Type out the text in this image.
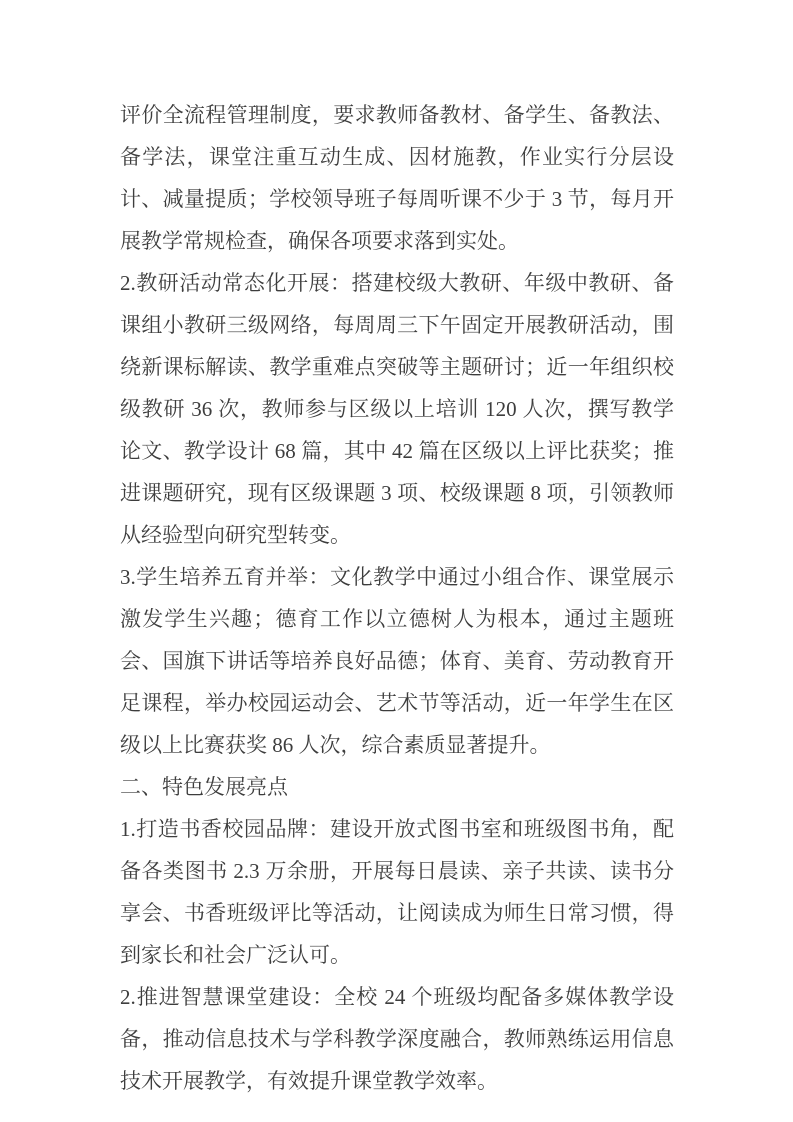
评价全流程管理制度，要求教师备教材、备学生、备教法、备学法，课堂注重互动生成、因材施教，作业实行分层设计、减量提质；学校领导班子每周听课不少于 3 节，每月开展教学常规检查，确保各项要求落到实处。

2.教研活动常态化开展：搭建校级大教研、年级中教研、备课组小教研三级网络，每周周三下午固定开展教研活动，围绕新课标解读、教学重难点突破等主题研讨；近一年组织校级教研 36 次，教师参与区级以上培训 120 人次，撰写教学论文、教学设计 68 篇，其中 42 篇在区级以上评比获奖；推进课题研究，现有区级课题 3 项、校级课题 8 项，引领教师从经验型向研究型转变。

3.学生培养五育并举：文化教学中通过小组合作、课堂展示激发学生兴趣；德育工作以立德树人为根本，通过主题班会、国旗下讲话等培养良好品德；体育、美育、劳动教育开足课程，举办校园运动会、艺术节等活动，近一年学生在区级以上比赛获奖 86 人次，综合素质显著提升。

二、特色发展亮点

1.打造书香校园品牌：建设开放式图书室和班级图书角，配备各类图书 2.3 万余册，开展每日晨读、亲子共读、读书分享会、书香班级评比等活动，让阅读成为师生日常习惯，得到家长和社会广泛认可。

2.推进智慧课堂建设：全校 24 个班级均配备多媒体教学设备，推动信息技术与学科教学深度融合，教师熟练运用信息技术开展教学，有效提升课堂教学效率。
